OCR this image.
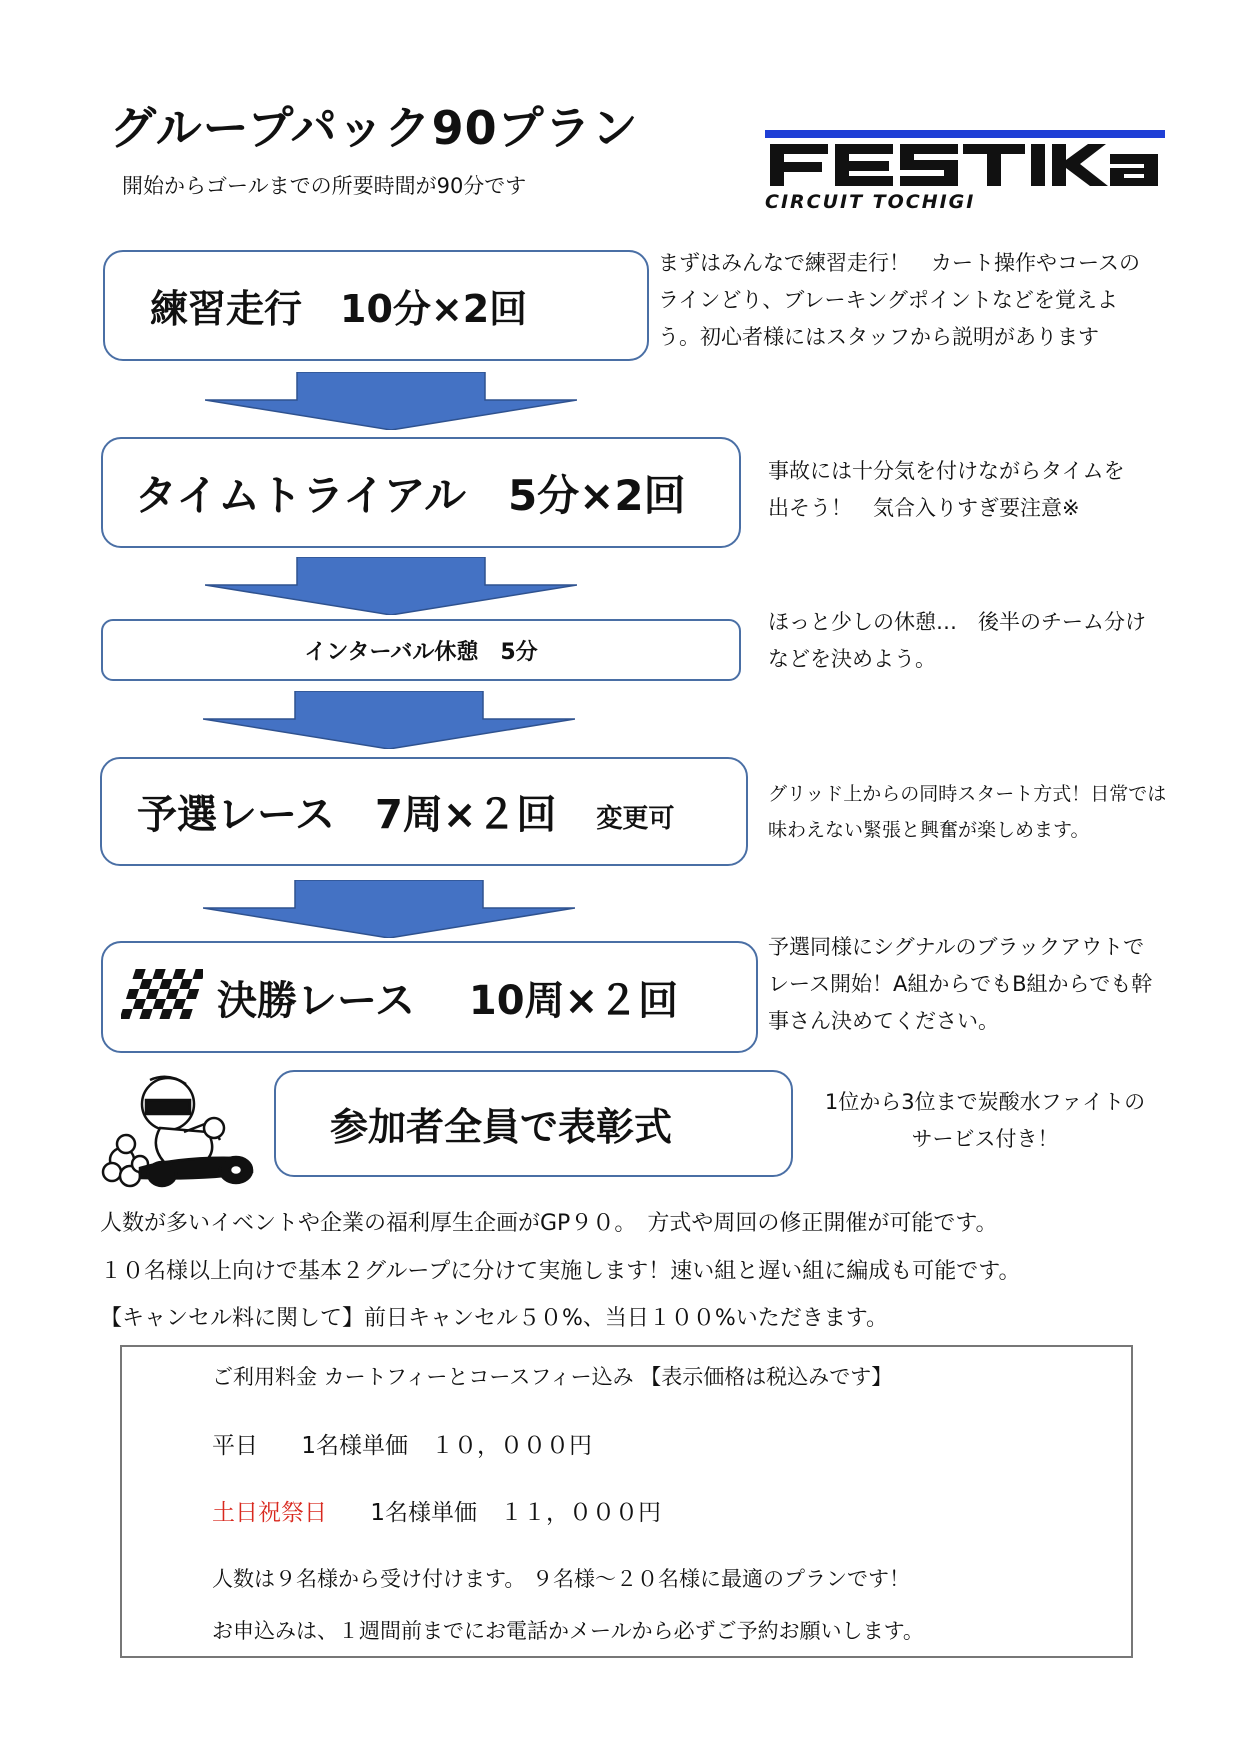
グループパック90プラン
開始からゴールまでの所要時間が90分です
CIRCUIT TOCHIGI
練習走行　10分×2回
まずはみんなで練習走行！　カート操作やコースの
ラインどり、ブレーキングポイントなどを覚えよ
う。初心者様にはスタッフから説明があります
タイムトライアル　5分×2回	事故には十分気を付けながらタイムを
出そう！　気合入りすぎ要注意※
インターバル休憩　5分
ほっと少しの休憩…　後半のチーム分け
などを決めよう。
予選レース　7周×２回 変更可
グリッド上からの同時スタート方式！日常では
味わえない緊張と興奮が楽しめます。
決勝レース　 10周×２回
予選同様にシグナルのブラックアウトで
レース開始！A組からでもB組からでも幹
事さん決めてください。
参加者全員で表彰式
1位から3位まで炭酸水ファイトの
サービス付き！
人数が多いイベントや企業の福利厚生企画がGP９０。　方式や周回の修正開催が可能です。
１０名様以上向けで基本２グループに分けて実施します！速い組と遅い組に編成も可能です。
【キャンセル料に関して】前日キャンセル５０%、当日１００%いただきます。
ご利用料金 カートフィーとコースフィー込み 【表示価格は税込みです】
平日 1名様単価　１０，０００円
土日祝祭日 1名様単価　１１，０００円
人数は９名様から受け付けます。 ９名様～２０名様に最適のプランです！
お申込みは、１週間前までにお電話かメールから必ずご予約お願いします。
